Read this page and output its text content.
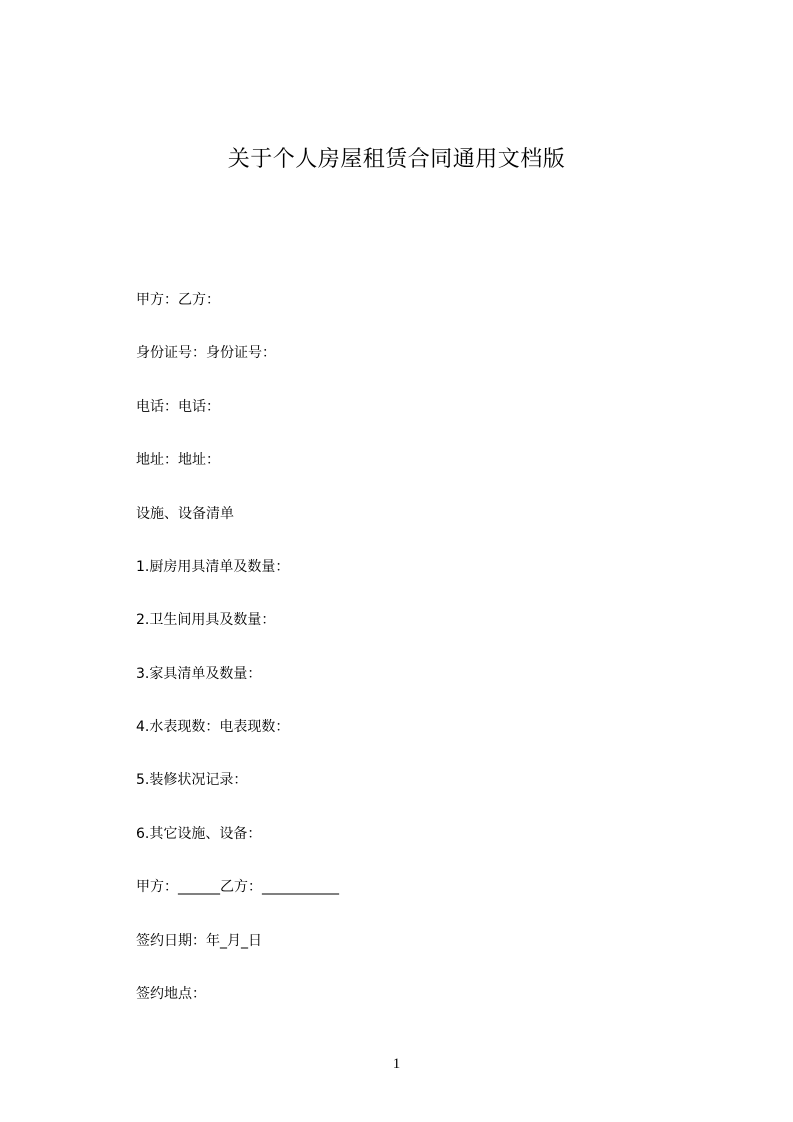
关于个人房屋租赁合同通用文档版
甲方：乙方：
身份证号：身份证号：
电话：电话：
地址：地址：
设施、设备清单
1.厨房用具清单及数量：
2.卫生间用具及数量：
3.家具清单及数量：
4.水表现数：电表现数：
5.装修状况记录：
6.其它设施、设备：
甲方：______乙方：___________
签约日期：年_月_日
签约地点：
1
